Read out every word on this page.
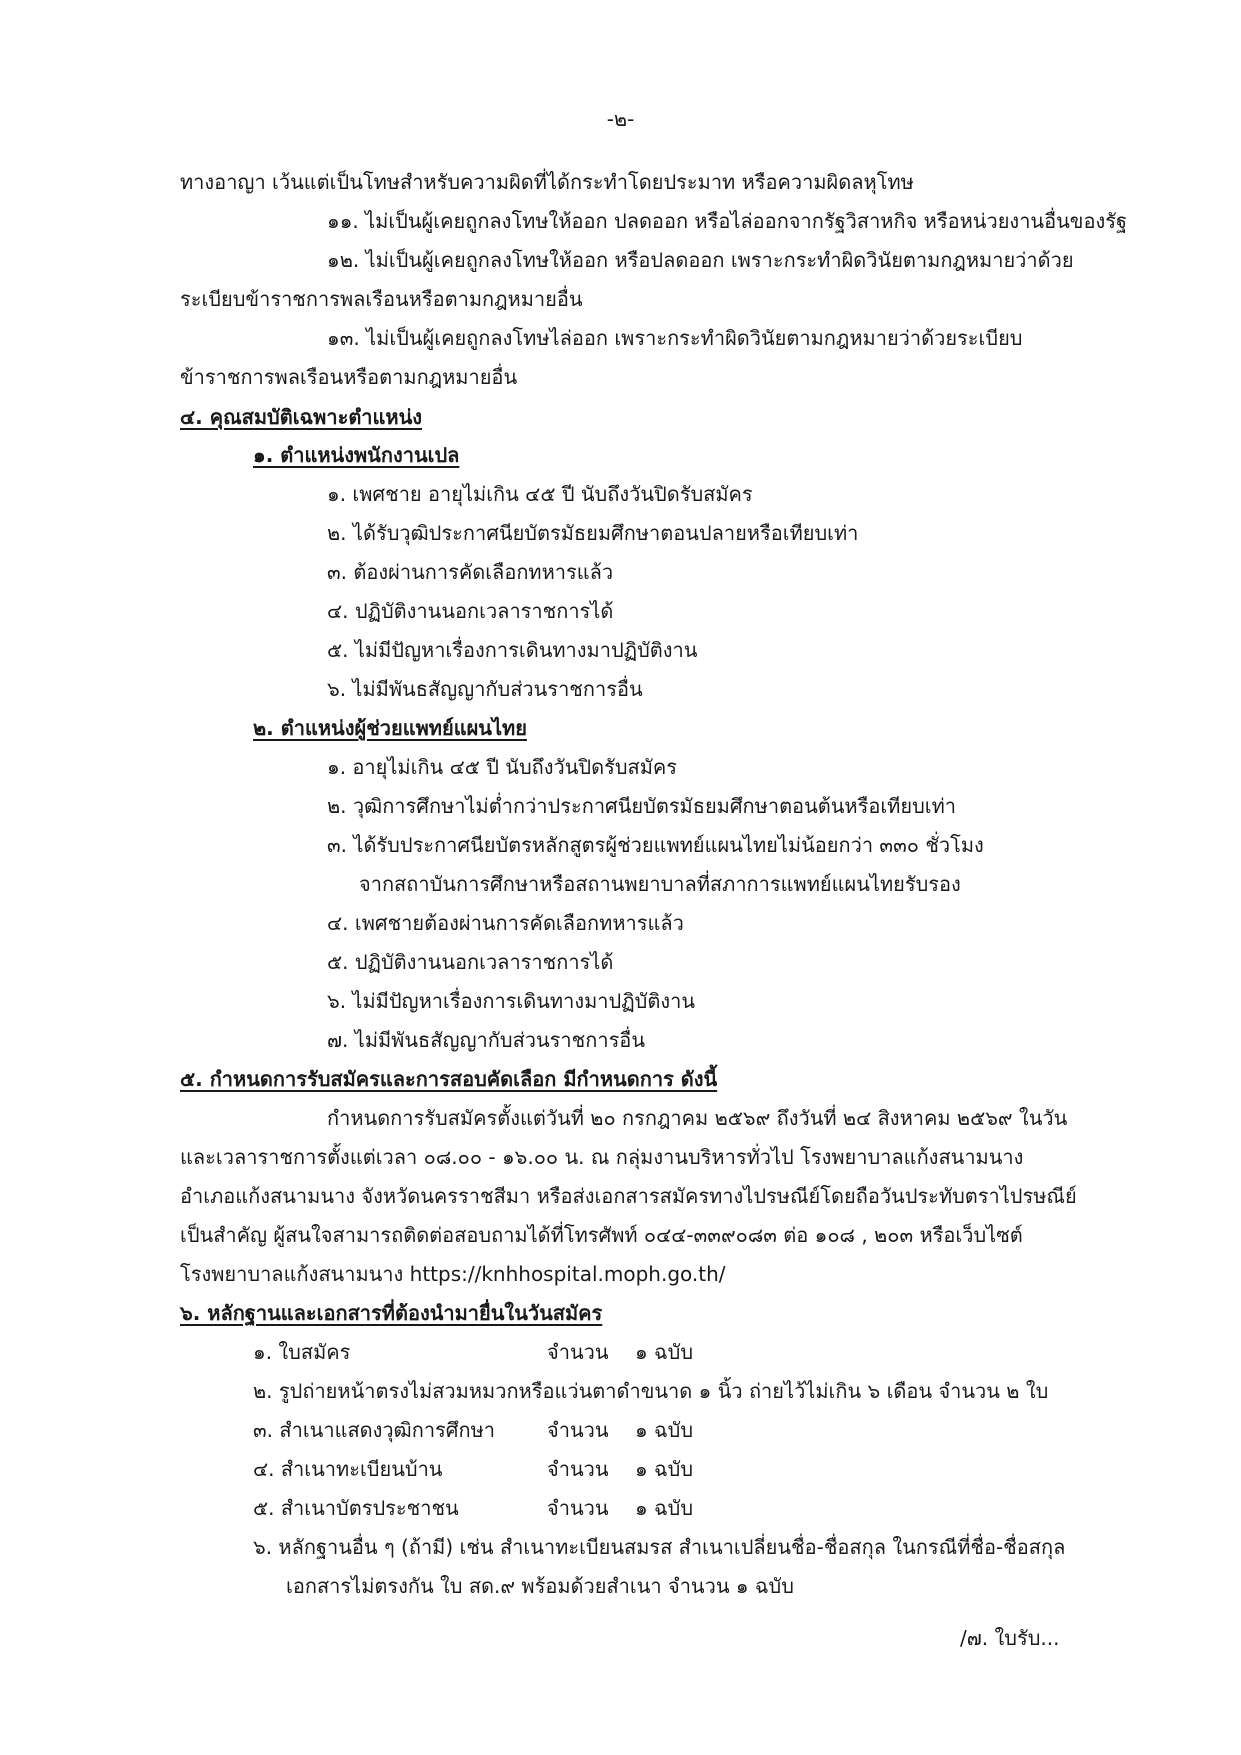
-๒-
ทางอาญา เว้นแต่เป็นโทษสำหรับความผิดที่ได้กระทำโดยประมาท หรือความผิดลหุโทษ
๑๑. ไม่เป็นผู้เคยถูกลงโทษให้ออก ปลดออก หรือไล่ออกจากรัฐวิสาหกิจ หรือหน่วยงานอื่นของรัฐ
๑๒. ไม่เป็นผู้เคยถูกลงโทษให้ออก หรือปลดออก เพราะกระทำผิดวินัยตามกฎหมายว่าด้วย
ระเบียบข้าราชการพลเรือนหรือตามกฎหมายอื่น
๑๓. ไม่เป็นผู้เคยถูกลงโทษไล่ออก เพราะกระทำผิดวินัยตามกฎหมายว่าด้วยระเบียบ
ข้าราชการพลเรือนหรือตามกฎหมายอื่น
๔. คุณสมบัติเฉพาะตำแหน่ง
๑. ตำแหน่งพนักงานเปล
๑. เพศชาย อายุไม่เกิน ๔๕ ปี นับถึงวันปิดรับสมัคร
๒. ได้รับวุฒิประกาศนียบัตรมัธยมศึกษาตอนปลายหรือเทียบเท่า
๓. ต้องผ่านการคัดเลือกทหารแล้ว
๔. ปฏิบัติงานนอกเวลาราชการได้
๕. ไม่มีปัญหาเรื่องการเดินทางมาปฏิบัติงาน
๖. ไม่มีพันธสัญญากับส่วนราชการอื่น
๒. ตำแหน่งผู้ช่วยแพทย์แผนไทย
๑. อายุไม่เกิน ๔๕ ปี นับถึงวันปิดรับสมัคร
๒. วุฒิการศึกษาไม่ต่ำกว่าประกาศนียบัตรมัธยมศึกษาตอนต้นหรือเทียบเท่า
๓. ได้รับประกาศนียบัตรหลักสูตรผู้ช่วยแพทย์แผนไทยไม่น้อยกว่า ๓๓๐ ชั่วโมง
จากสถาบันการศึกษาหรือสถานพยาบาลที่สภาการแพทย์แผนไทยรับรอง
๔. เพศชายต้องผ่านการคัดเลือกทหารแล้ว
๕. ปฏิบัติงานนอกเวลาราชการได้
๖. ไม่มีปัญหาเรื่องการเดินทางมาปฏิบัติงาน
๗. ไม่มีพันธสัญญากับส่วนราชการอื่น
๕. กำหนดการรับสมัครและการสอบคัดเลือก มีกำหนดการ ดังนี้
กำหนดการรับสมัครตั้งแต่วันที่ ๒๐ กรกฎาคม ๒๕๖๙ ถึงวันที่ ๒๔ สิงหาคม ๒๕๖๙ ในวัน
และเวลาราชการตั้งแต่เวลา ๐๘.๐๐ - ๑๖.๐๐ น. ณ กลุ่มงานบริหารทั่วไป โรงพยาบาลแก้งสนามนาง
อำเภอแก้งสนามนาง จังหวัดนครราชสีมา หรือส่งเอกสารสมัครทางไปรษณีย์โดยถือวันประทับตราไปรษณีย์
เป็นสำคัญ ผู้สนใจสามารถติดต่อสอบถามได้ที่โทรศัพท์ ๐๔๔-๓๓๙๐๘๓ ต่อ ๑๐๘ , ๒๐๓ หรือเว็บไซต์
โรงพยาบาลแก้งสนามนาง https://knhhospital.moph.go.th/
๖. หลักฐานและเอกสารที่ต้องนำมายื่นในวันสมัคร
๑. ใบสมัคร	จำนวน ๑ ฉบับ
๒. รูปถ่ายหน้าตรงไม่สวมหมวกหรือแว่นตาดำขนาด ๑ นิ้ว ถ่ายไว้ไม่เกิน ๖ เดือน จำนวน ๒ ใบ
๓. สำเนาแสดงวุฒิการศึกษา	จำนวน ๑ ฉบับ
๔. สำเนาทะเบียนบ้าน	จำนวน ๑ ฉบับ
๕. สำเนาบัตรประชาชน	จำนวน ๑ ฉบับ
๖. หลักฐานอื่น ๆ (ถ้ามี) เช่น สำเนาทะเบียนสมรส สำเนาเปลี่ยนชื่อ-ชื่อสกุล ในกรณีที่ชื่อ-ชื่อสกุล
เอกสารไม่ตรงกัน ใบ สด.๙ พร้อมด้วยสำเนา จำนวน ๑ ฉบับ
/๗. ใบรับ...
